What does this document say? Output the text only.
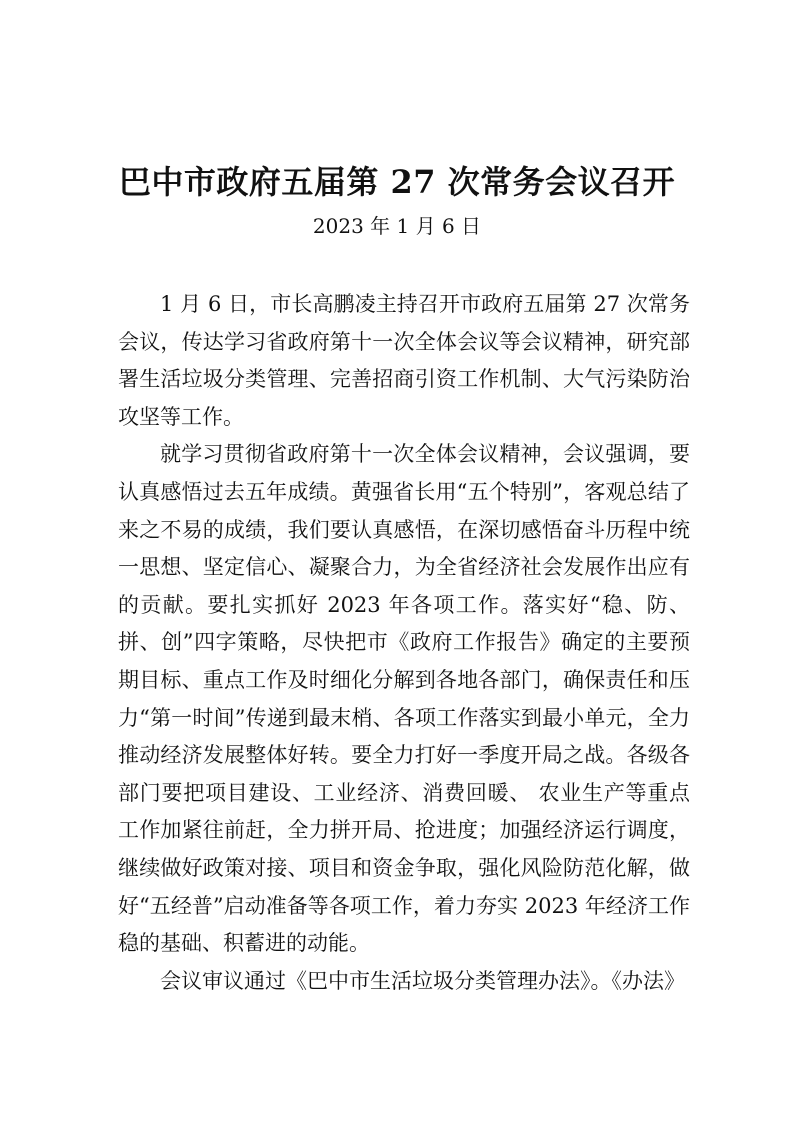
巴中市政府五届第 27 次常务会议召开
2023 年 1 月 6 日

1 月 6 日，市长高鹏凌主持召开市政府五届第 27 次常务会议，传达学习省政府第十一次全体会议等会议精神，研究部署生活垃圾分类管理、完善招商引资工作机制、大气污染防治攻坚等工作。

就学习贯彻省政府第十一次全体会议精神，会议强调，要认真感悟过去五年成绩。黄强省长用“五个特别”，客观总结了来之不易的成绩，我们要认真感悟，在深切感悟奋斗历程中统一思想、坚定信心、凝聚合力，为全省经济社会发展作出应有的贡献。要扎实抓好 2023 年各项工作。落实好“稳、防、拼、创”四字策略，尽快把市《政府工作报告》确定的主要预期目标、重点工作及时细化分解到各地各部门，确保责任和压力“第一时间”传递到最末梢、各项工作落实到最小单元，全力推动经济发展整体好转。要全力打好一季度开局之战。各级各部门要把项目建设、工业经济、消费回暖、 农业生产等重点工作加紧往前赶，全力拼开局、抢进度；加强经济运行调度，继续做好政策对接、项目和资金争取，强化风险防范化解，做好“五经普”启动准备等各项工作，着力夯实 2023 年经济工作稳的基础、积蓄进的动能。

会议审议通过《巴中市生活垃圾分类管理办法》。《办法》
